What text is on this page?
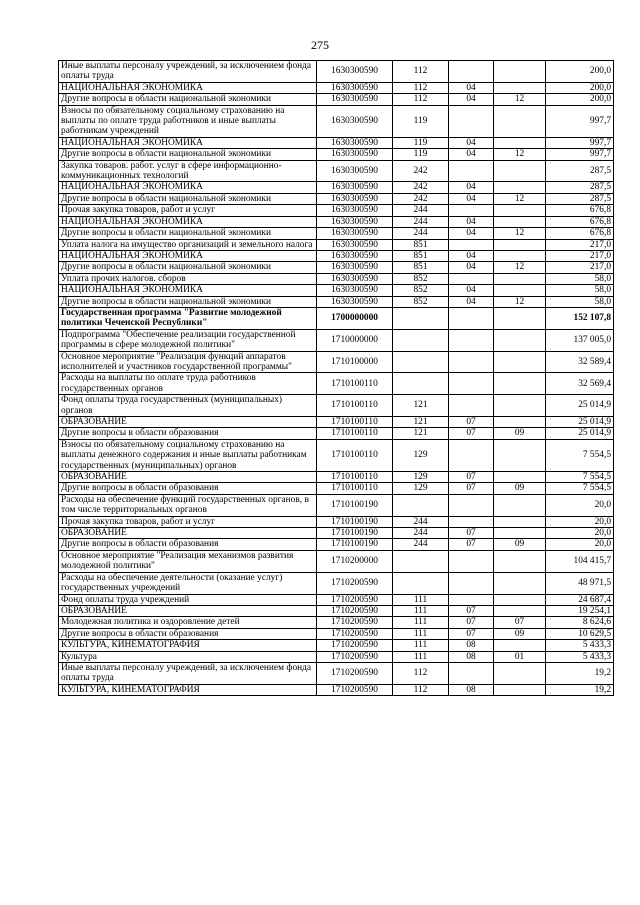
275
Иные выплаты персоналу учреждений, за исключением фонда оплаты труда	1630300590	112			200,0
НАЦИОНАЛЬНАЯ ЭКОНОМИКА	1630300590	112	04		200,0
Другие вопросы в области национальной экономики	1630300590	112	04	12	200,0
Взносы по обязательному социальному страхованию на выплаты по оплате труда работников и иные выплаты работникам учреждений	1630300590	119			997,7
НАЦИОНАЛЬНАЯ ЭКОНОМИКА	1630300590	119	04		997,7
Другие вопросы в области национальной экономики	1630300590	119	04	12	997,7
Закупка товаров. работ. услуг в сфере информационно-коммуникационных технологий	1630300590	242			287,5
НАЦИОНАЛЬНАЯ ЭКОНОМИКА	1630300590	242	04		287,5
Другие вопросы в области национальной экономики	1630300590	242	04	12	287,5
Прочая закупка товаров, работ и услуг	1630300590	244			676,8
НАЦИОНАЛЬНАЯ ЭКОНОМИКА	1630300590	244	04		676,8
Другие вопросы в области национальной экономики	1630300590	244	04	12	676,8
Уплата налога на имущество организаций и земельного налога	1630300590	851			217,0
НАЦИОНАЛЬНАЯ ЭКОНОМИКА	1630300590	851	04		217,0
Другие вопросы в области национальной экономики	1630300590	851	04	12	217,0
Уплата прочих налогов. сборов	1630300590	852			58,0
НАЦИОНАЛЬНАЯ ЭКОНОМИКА	1630300590	852	04		58,0
Другие вопросы в области национальной экономики	1630300590	852	04	12	58,0
Государственная программа "Развитие молодежной политики Чеченской Республики"	1700000000				152 107,8
Подпрограмма "Обеспечение реализации государственной программы в сфере молодежной политики"	1710000000				137 005,0
Основное мероприятие "Реализация функций аппаратов исполнителей и участников государственной программы"	1710100000				32 589,4
Расходы на выплаты по оплате труда работников государственных органов	1710100110				32 569,4
Фонд оплаты труда государственных (муниципальных) органов	1710100110	121			25 014,9
ОБРАЗОВАНИЕ	1710100110	121	07		25 014,9
Другие вопросы в области образования	1710100110	121	07	09	25 014,9
Взносы по обязательному социальному страхованию на выплаты денежного содержания и иные выплаты работникам государственных (муниципальных) органов	1710100110	129			7 554,5
ОБРАЗОВАНИЕ	1710100110	129	07		7 554,5
Другие вопросы в области образования	1710100110	129	07	09	7 554,5
Расходы на обеспечение функций государственных органов, в том числе территориальных органов	1710100190				20,0
Прочая закупка товаров, работ и услуг	1710100190	244			20,0
ОБРАЗОВАНИЕ	1710100190	244	07		20,0
Другие вопросы в области образования	1710100190	244	07	09	20,0
Основное мероприятие "Реализация механизмов развития молодежной политики"	1710200000				104 415,7
Расходы на обеспечение деятельности (оказание услуг) государственных учреждений	1710200590				48 971,5
Фонд оплаты труда учреждений	1710200590	111			24 687,4
ОБРАЗОВАНИЕ	1710200590	111	07		19 254,1
Молодежная политика и оздоровление детей	1710200590	111	07	07	8 624,6
Другие вопросы в области образования	1710200590	111	07	09	10 629,5
КУЛЬТУРА, КИНЕМАТОГРАФИЯ	1710200590	111	08		5 433,3
Культура	1710200590	111	08	01	5 433,3
Иные выплаты персоналу учреждений, за исключением фонда оплаты труда	1710200590	112			19,2
КУЛЬТУРА, КИНЕМАТОГРАФИЯ	1710200590	112	08		19,2
